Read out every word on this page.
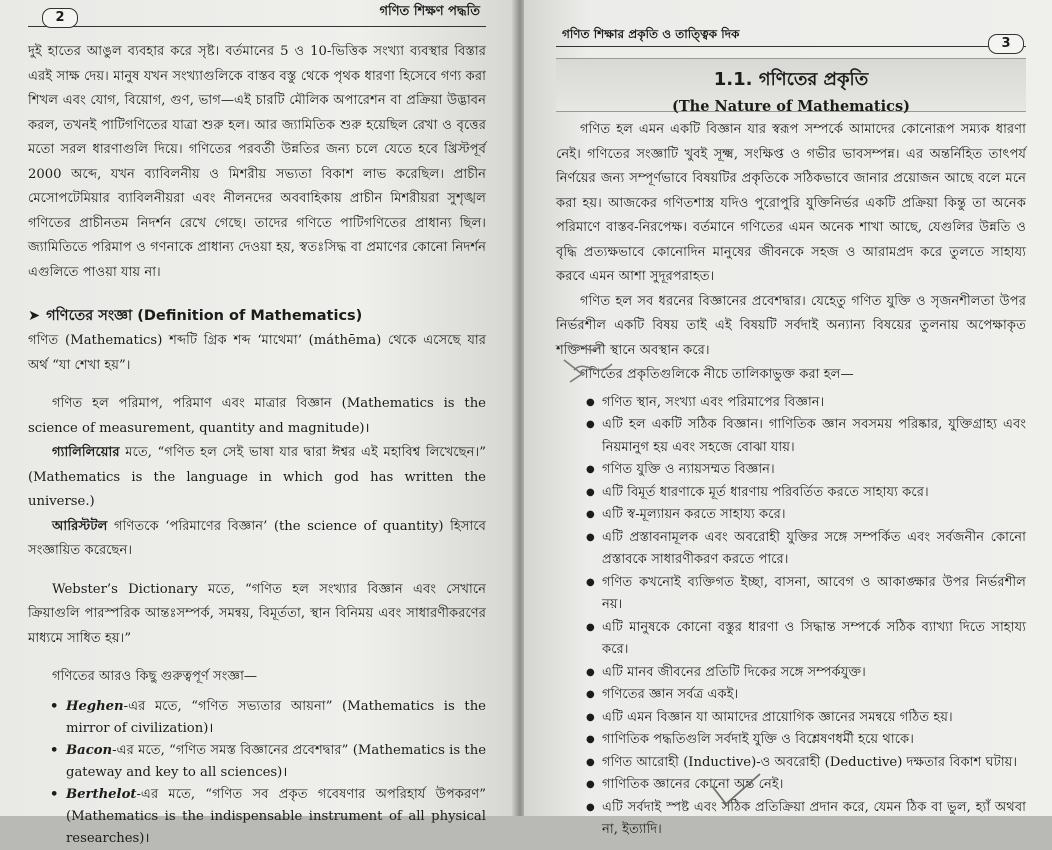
2	গণিত শিক্ষণ পদ্ধতি

দুই হাতের আঙুল ব্যবহার করে সৃষ্ট। বর্তমানের 5 ও 10-ভিত্তিক সংখ্যা ব্যবস্থার বিস্তার এরই সাক্ষ দেয়। মানুষ যখন সংখ্যাগুলিকে বাস্তব বস্তু থেকে পৃথক ধারণা হিসেবে গণ্য করা শিখল এবং যোগ, বিয়োগ, গুণ, ভাগ—এই চারটি মৌলিক অপারেশন বা প্রক্রিয়া উদ্ভাবন করল, তখনই পাটিগণিতের যাত্রা শুরু হল। আর জ্যামিতিক শুরু হয়েছিল রেখা ও বৃত্তের মতো সরল ধারণাগুলি দিয়ে। গণিতের পরবর্তী উন্নতির জন্য চলে যেতে হবে খ্রিস্টপূর্ব 2000 অব্দে, যখন ব্যাবিলনীয় ও মিশরীয় সভ্যতা বিকাশ লাভ করেছিল। প্রাচীন মেসোপটেমিয়ার ব্যাবিলনীয়রা এবং নীলনদের অববাহিকায় প্রাচীন মিশরীয়রা সুশৃঙ্খল গণিতের প্রাচীনতম নিদর্শন রেখে গেছে। তাদের গণিতে পাটিগণিতের প্রাধান্য ছিল। জ্যামিতিতে পরিমাপ ও গণনাকে প্রাধান্য দেওয়া হয়, স্বতঃসিদ্ধ বা প্রমাণের কোনো নিদর্শন এগুলিতে পাওয়া যায় না।

➤ গণিতের সংজ্ঞা (Definition of Mathematics)

গণিত (Mathematics) শব্দটি গ্রিক শব্দ ‘মাথেমা’ (máthēma) থেকে এসেছে যার অর্থ “যা শেখা হয়”।

গণিত হল পরিমাপ, পরিমাণ এবং মাত্রার বিজ্ঞান (Mathematics is the science of measurement, quantity and magnitude)।

গ্যালিলিয়োর মতে, “গণিত হল সেই ভাষা যার দ্বারা ঈশ্বর এই মহাবিশ্ব লিখেছেন।” (Mathematics is the language in which god has written the universe.)

আরিস্টটল গণিতকে ‘পরিমাণের বিজ্ঞান’ (the science of quantity) হিসাবে সংজ্ঞায়িত করেছেন।

Webster’s Dictionary মতে, “গণিত হল সংখ্যার বিজ্ঞান এবং সেখানে ক্রিয়াগুলি পারস্পরিক আন্তঃসম্পর্ক, সমন্বয়, বিমূর্ততা, স্থান বিনিময় এবং সাধারণীকরণের মাধ্যমে সাধিত হয়।”

গণিতের আরও কিছু গুরুত্বপূর্ণ সংজ্ঞা—

• Heghen-এর মতে, “গণিত সভ্যতার আয়না” (Mathematics is the mirror of civilization)।
• Bacon-এর মতে, “গণিত সমস্ত বিজ্ঞানের প্রবেশদ্বার” (Mathematics is the gateway and key to all sciences)।
• Berthelot-এর মতে, “গণিত সব প্রকৃত গবেষণার অপরিহার্য উপকরণ” (Mathematics is the indispensable instrument of all physical researches)।
গণিত শিক্ষার প্রকৃতি ও তাত্ত্বিক দিক
3
1.1. গণিতের প্রকৃতি
(The Nature of Mathematics)

গণিত হল এমন একটি বিজ্ঞান যার স্বরূপ সম্পর্কে আমাদের কোনোরূপ সম্যক ধারণা নেই। গণিতের সংজ্ঞাটি খুবই সূক্ষ্ম, সংক্ষিপ্ত ও গভীর ভাবসম্পন্ন। এর অন্তর্নিহিত তাৎপর্য নির্ণয়ের জন্য সম্পূর্ণভাবে বিষয়টির প্রকৃতিকে সঠিকভাবে জানার প্রয়োজন আছে বলে মনে করা হয়। আজকের গণিতশাস্ত্র যদিও পুরোপুরি যুক্তিনির্ভর একটি প্রক্রিয়া কিন্তু তা অনেক পরিমাণে বাস্তব-নিরপেক্ষ। বর্তমানে গণিতের এমন অনেক শাখা আছে, যেগুলির উন্নতি ও বৃদ্ধি প্রত্যক্ষভাবে কোনোদিন মানুষের জীবনকে সহজ ও আরামপ্রদ করে তুলতে সাহায্য করবে এমন আশা সুদূরপরাহত।

গণিত হল সব ধরনের বিজ্ঞানের প্রবেশদ্বার। যেহেতু গণিত যুক্তি ও সৃজনশীলতা উপর নির্ভরশীল একটি বিষয় তাই এই বিষয়টি সর্বদাই অন্যান্য বিষয়ের তুলনায় অপেক্ষাকৃত শক্তিশালী স্থানে অবস্থান করে।

গণিতের প্রকৃতিগুলিকে নীচে তালিকাভুক্ত করা হল—

● গণিত স্থান, সংখ্যা এবং পরিমাপের বিজ্ঞান।
● এটি হল একটি সঠিক বিজ্ঞান। গাণিতিক জ্ঞান সবসময় পরিষ্কার, যুক্তিগ্রাহ্য এবং নিয়মানুগ হয় এবং সহজে বোঝা যায়।
● গণিত যুক্তি ও ন্যায়সম্মত বিজ্ঞান।
● এটি বিমূর্ত ধারণাকে মূর্ত ধারণায় পরিবর্তিত করতে সাহায্য করে।
● এটি স্ব-মূল্যায়ন করতে সাহায্য করে।
● এটি প্রস্তাবনামূলক এবং অবরোহী যুক্তির সঙ্গে সম্পর্কিত এবং সর্বজনীন কোনো প্রস্তাবকে সাধারণীকরণ করতে পারে।
● গণিত কখনোই ব্যক্তিগত ইচ্ছা, বাসনা, আবেগ ও আকাঙ্ক্ষার উপর নির্ভরশীল নয়।
● এটি মানুষকে কোনো বস্তুর ধারণা ও সিদ্ধান্ত সম্পর্কে সঠিক ব্যাখ্যা দিতে সাহায্য করে।
● এটি মানব জীবনের প্রতিটি দিকের সঙ্গে সম্পর্কযুক্ত।
● গণিতের জ্ঞান সর্বত্র একই।
● এটি এমন বিজ্ঞান যা আমাদের প্রায়োগিক জ্ঞানের সমন্বয়ে গঠিত হয়।
● গাণিতিক পদ্ধতিগুলি সর্বদাই যুক্তি ও বিশ্লেষণধর্মী হয়ে থাকে।
● গণিত আরোহী (Inductive)-ও অবরোহী (Deductive) দক্ষতার বিকাশ ঘটায়।
● গাণিতিক জ্ঞানের কোনো অন্ত নেই।
● এটি সর্বদাই স্পষ্ট এবং সঠিক প্রতিক্রিয়া প্রদান করে, যেমন ঠিক বা ভুল, হ্যাঁ অথবা না, ইত্যাদি।
